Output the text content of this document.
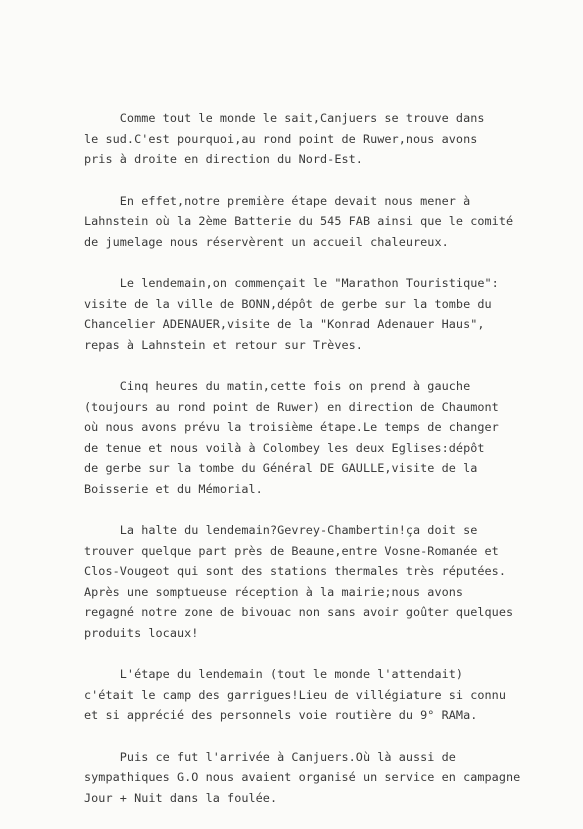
Comme tout le monde le sait,Canjuers se trouve dans
le sud.C'est pourquoi,au rond point de Ruwer,nous avons
pris à droite en direction du Nord-Est.

En effet,notre première étape devait nous mener à
Lahnstein où la 2ème Batterie du 545 FAB ainsi que le comité
de jumelage nous réservèrent un accueil chaleureux.

Le lendemain,on commençait le "Marathon Touristique":
visite de la ville de BONN,dépôt de gerbe sur la tombe du
Chancelier ADENAUER,visite de la "Konrad Adenauer Haus",
repas à Lahnstein et retour sur Trèves.

Cinq heures du matin,cette fois on prend à gauche
(toujours au rond point de Ruwer) en direction de Chaumont
où nous avons prévu la troisième étape.Le temps de changer
de tenue et nous voilà à Colombey les deux Eglises:dépôt
de gerbe sur la tombe du Général DE GAULLE,visite de la
Boisserie et du Mémorial.

La halte du lendemain?Gevrey-Chambertin!ça doit se
trouver quelque part près de Beaune,entre Vosne-Romanée et
Clos-Vougeot qui sont des stations thermales très réputées.
Après une somptueuse réception à la mairie;nous avons
regagné notre zone de bivouac non sans avoir goûter quelques
produits locaux!

L'étape du lendemain (tout le monde l'attendait)
c'était le camp des garrigues!Lieu de villégiature si connu
et si apprécié des personnels voie routière du 9° RAMa.

Puis ce fut l'arrivée à Canjuers.Où là aussi de
sympathiques G.O nous avaient organisé un service en campagne
Jour + Nuit dans la foulée.
